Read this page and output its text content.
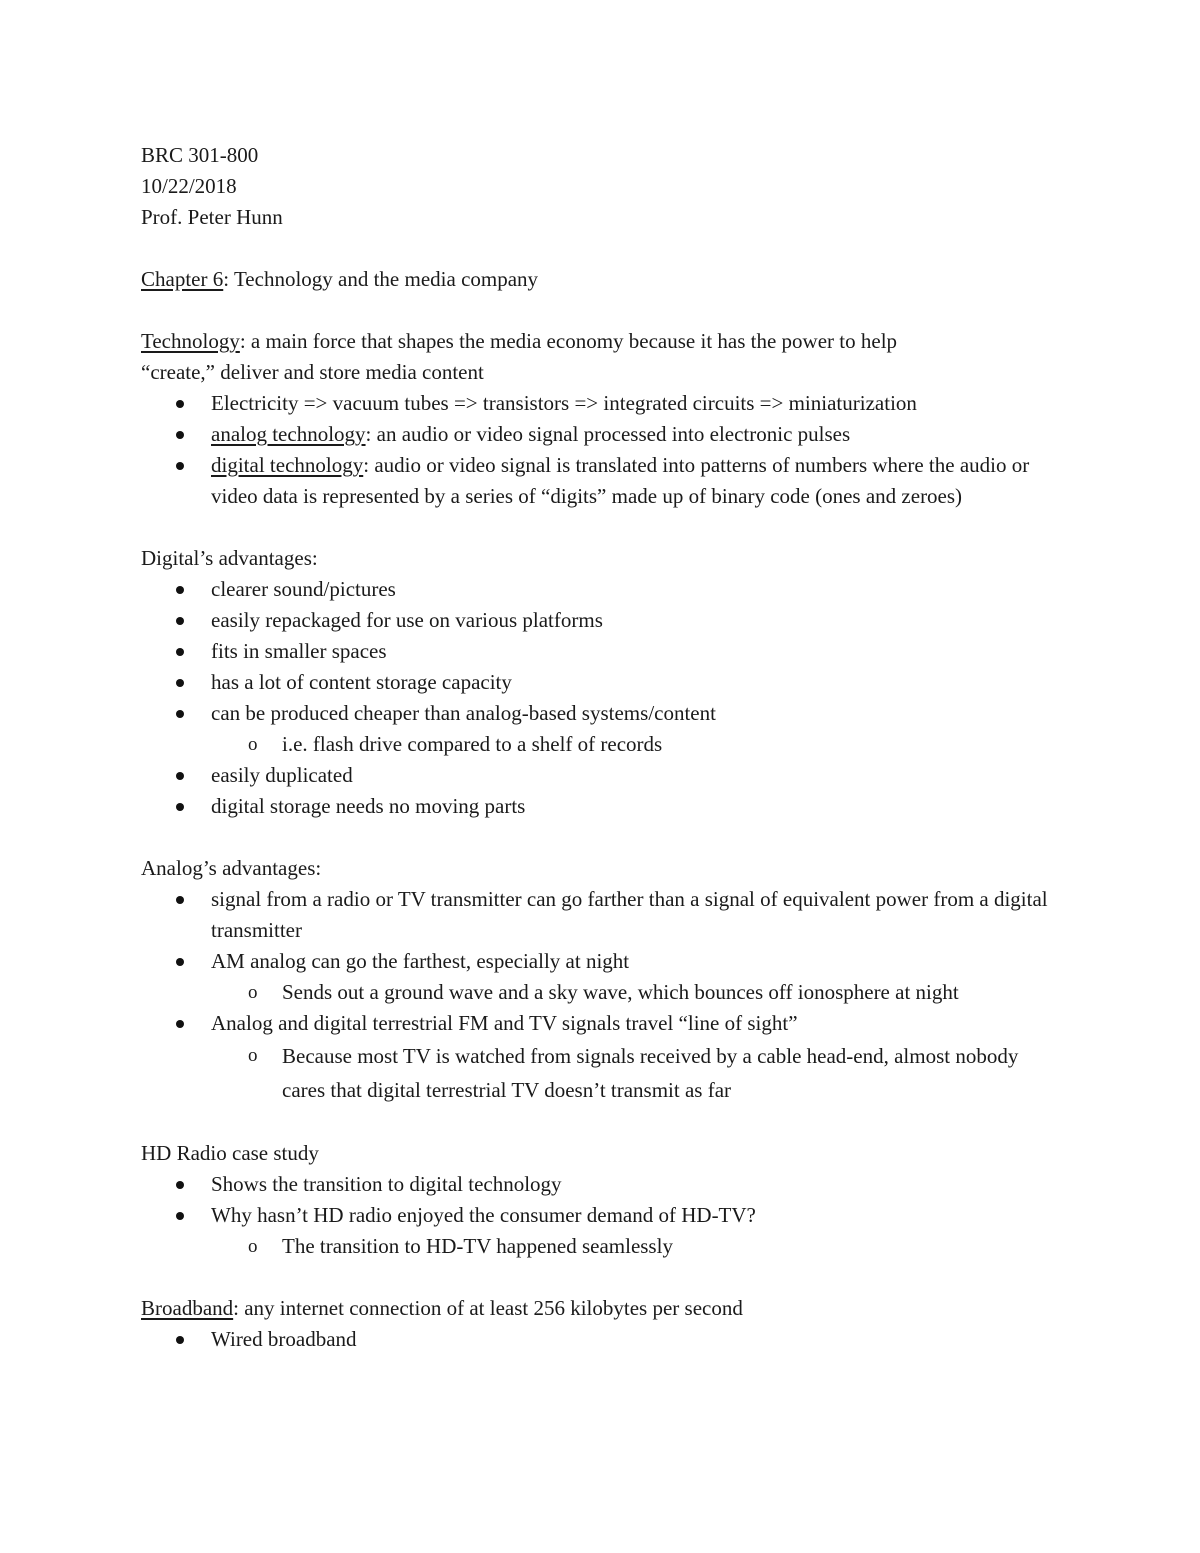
BRC 301-800
10/22/2018
Prof. Peter Hunn
Chapter 6: Technology and the media company
Technology: a main force that shapes the media economy because it has the power to help
“create,” deliver and store media content
Electricity => vacuum tubes => transistors => integrated circuits => miniaturization
analog technology: an audio or video signal processed into electronic pulses
digital technology: audio or video signal is translated into patterns of numbers where the audio or video data is represented by a series of “digits” made up of binary code (ones and zeroes)
Digital’s advantages:
clearer sound/pictures
easily repackaged for use on various platforms
fits in smaller spaces
has a lot of content storage capacity
can be produced cheaper than analog-based systems/content
o i.e. flash drive compared to a shelf of records
easily duplicated
digital storage needs no moving parts
Analog’s advantages:
signal from a radio or TV transmitter can go farther than a signal of equivalent power from a digital transmitter
AM analog can go the farthest, especially at night
o Sends out a ground wave and a sky wave, which bounces off ionosphere at night
Analog and digital terrestrial FM and TV signals travel “line of sight”
o Because most TV is watched from signals received by a cable head-end, almost nobody cares that digital terrestrial TV doesn’t transmit as far
HD Radio case study
Shows the transition to digital technology
Why hasn’t HD radio enjoyed the consumer demand of HD-TV?
o The transition to HD-TV happened seamlessly
Broadband: any internet connection of at least 256 kilobytes per second
Wired broadband
